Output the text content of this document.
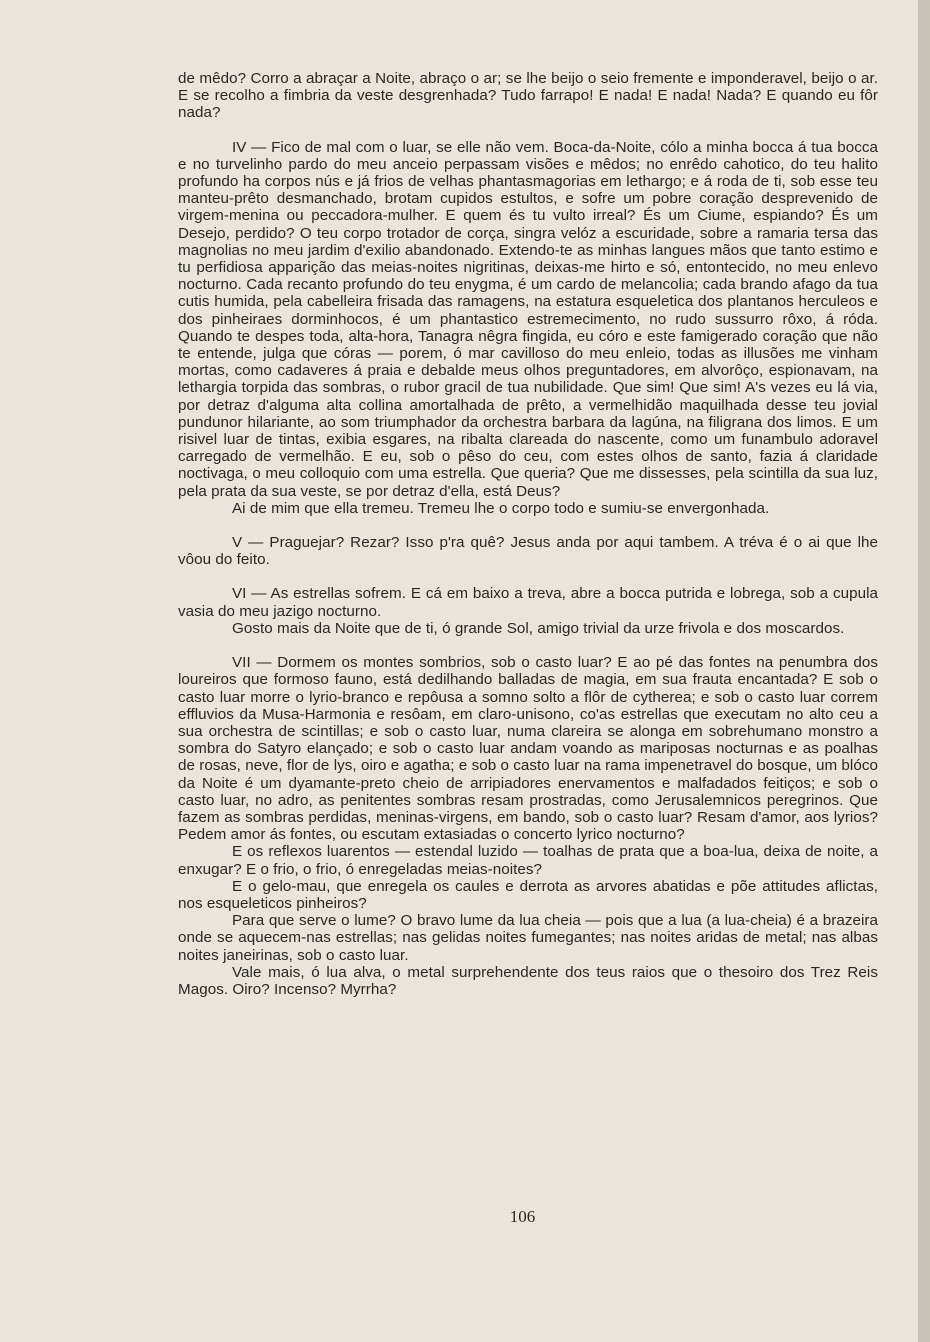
de mêdo? Corro a abraçar a Noite, abraço o ar; se lhe beijo o seio fremente e imponderavel, beijo o ar. E se recolho a fimbria da veste desgrenhada? Tudo farrapo! E nada! E nada! Nada? E quando eu fôr nada?

IV — Fico de mal com o luar, se elle não vem. Boca-da-Noite, cólo a minha bocca á tua bocca e no turvelinho pardo do meu anceio perpassam visões e mêdos; no enrêdo cahotico, do teu halito profundo ha corpos nús e já frios de velhas phantasmagorias em lethargo; e á roda de ti, sob esse teu manteu-prêto desmanchado, brotam cupidos estultos, e sofre um pobre coração desprevenido de virgem-menina ou peccadora-mulher. E quem és tu vulto irreal? És um Ciume, espiando? És um Desejo, perdido? O teu corpo trotador de corça, singra velóz a escuridade, sobre a ramaria tersa das magnolias no meu jardim d'exilio abandonado. Extendo-te as minhas langues mãos que tanto estimo e tu perfidiosa apparição das meias-noites nigritinas, deixas-me hirto e só, entontecido, no meu enlevo nocturno. Cada recanto profundo do teu enygma, é um cardo de melancolia; cada brando afago da tua cutis humida, pela cabelleira frisada das ramagens, na estatura esqueletica dos plantanos herculeos e dos pinheiraes dorminhocos, é um phantastico estremecimento, no rudo sussurro rôxo, á róda. Quando te despes toda, alta-hora, Tanagra nêgra fingida, eu córo e este famigerado coração que não te entende, julga que córas — porem, ó mar cavilloso do meu enleio, todas as illusões me vinham mortas, como cadaveres á praia e debalde meus olhos preguntadores, em alvorôço, espionavam, na lethargia torpida das sombras, o rubor gracil de tua nubilidade. Que sim! Que sim! A's vezes eu lá via, por detraz d'alguma alta collina amortalhada de prêto, a vermelhidão maquilhada desse teu jovial pundunor hilariante, ao som triumphador da orchestra barbara da lagúna, na filigrana dos limos. E um risivel luar de tintas, exibia esgares, na ribalta clareada do nascente, como um funambulo adoravel carregado de vermelhão. E eu, sob o pêso do ceu, com estes olhos de santo, fazia á claridade noctivaga, o meu colloquio com uma estrella. Que queria? Que me dissesses, pela scintilla da sua luz, pela prata da sua veste, se por detraz d'ella, está Deus?

Ai de mim que ella tremeu. Tremeu lhe o corpo todo e sumiu-se envergonhada.

V — Praguejar? Rezar? Isso p'ra quê? Jesus anda por aqui tambem. A tréva é o ai que lhe vôou do feito.

VI — As estrellas sofrem. E cá em baixo a treva, abre a bocca putrida e lobrega, sob a cupula vasia do meu jazigo nocturno.

Gosto mais da Noite que de ti, ó grande Sol, amigo trivial da urze frivola e dos moscardos.

VII — Dormem os montes sombrios, sob o casto luar? E ao pé das fontes na penumbra dos loureiros que formoso fauno, está dedilhando balladas de magia, em sua frauta encantada? E sob o casto luar morre o lyrio-branco e repôusa a somno solto a flôr de cytherea; e sob o casto luar correm effluvios da Musa-Harmonia e resôam, em claro-unisono, co'as estrellas que executam no alto ceu a sua orchestra de scintillas; e sob o casto luar, numa clareira se alonga em sobrehumano monstro a sombra do Satyro elançado; e sob o casto luar andam voando as mariposas nocturnas e as poalhas de rosas, neve, flor de lys, oiro e agatha; e sob o casto luar na rama impenetravel do bosque, um blóco da Noite é um dyamante-preto cheio de arripiadores enervamentos e malfadados feitiços; e sob o casto luar, no adro, as penitentes sombras resam prostradas, como Jerusalemnicos peregrinos. Que fazem as sombras perdidas, meninas-virgens, em bando, sob o casto luar? Resam d'amor, aos lyrios? Pedem amor ás fontes, ou escutam extasiadas o concerto lyrico nocturno?

E os reflexos luarentos — estendal luzido — toalhas de prata que a boa-lua, deixa de noite, a enxugar? E o frio, o frio, ó enregeladas meias-noites?

E o gelo-mau, que enregela os caules e derrota as arvores abatidas e põe attitudes aflictas, nos esqueleticos pinheiros?

Para que serve o lume? O bravo lume da lua cheia — pois que a lua (a lua-cheia) é a brazeira onde se aquecem-nas estrellas; nas gelidas noites fumegantes; nas noites aridas de metal; nas albas noites janeirinas, sob o casto luar.

Vale mais, ó lua alva, o metal surprehendente dos teus raios que o thesoiro dos Trez Reis Magos. Oiro? Incenso? Myrrha?

106
